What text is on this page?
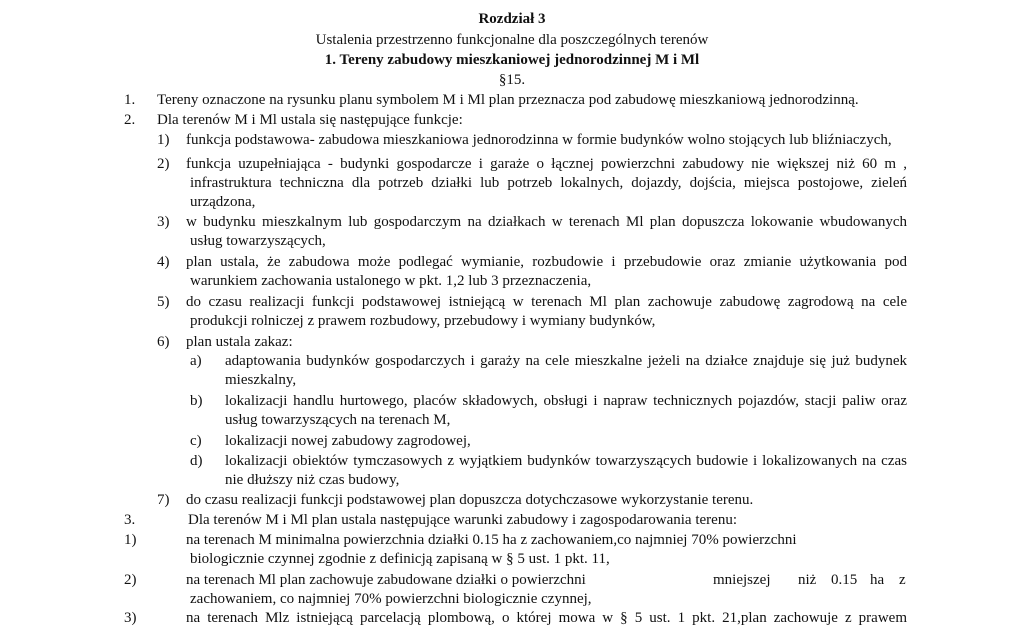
Rozdział 3
Ustalenia przestrzenno funkcjonalne dla poszczególnych terenów
1. Tereny zabudowy mieszkaniowej jednorodzinnej M i Ml
§15.
1. Tereny oznaczone na rysunku planu symbolem M i Ml plan przeznacza pod zabudowę mieszkaniową jednorodzinną.
2. Dla terenów M i Ml ustala się następujące funkcje:
1) funkcja podstawowa- zabudowa mieszkaniowa jednorodzinna w formie budynków wolno stojących lub bliźniaczych,
2) funkcja uzupełniająca - budynki gospodarcze i garaże o łącznej powierzchni zabudowy nie większej niż 60 m ,
infrastruktura techniczna dla potrzeb działki lub potrzeb lokalnych, dojazdy, dojścia, miejsca postojowe, zieleń
urządzona,
3) w budynku mieszkalnym lub gospodarczym na działkach w terenach Ml plan dopuszcza lokowanie wbudowanych
usług towarzyszących,
4) plan ustala, że zabudowa może podlegać wymianie, rozbudowie i przebudowie oraz zmianie użytkowania pod
warunkiem zachowania ustalonego w pkt. 1,2 lub 3 przeznaczenia,
5) do czasu realizacji funkcji podstawowej istniejącą w terenach Ml plan zachowuje zabudowę zagrodową na cele
produkcji rolniczej z prawem rozbudowy, przebudowy i wymiany budynków,
6) plan ustala zakaz:
a) adaptowania budynków gospodarczych i garaży na cele mieszkalne jeżeli na działce znajduje się już budynek
mieszkalny,
b) lokalizacji handlu hurtowego, placów składowych, obsługi i napraw technicznych pojazdów, stacji paliw oraz
usług towarzyszących na terenach M,
c) lokalizacji nowej zabudowy zagrodowej,
d) lokalizacji obiektów tymczasowych z wyjątkiem budynków towarzyszących budowie i lokalizowanych na czas
nie dłuższy niż czas budowy,
7) do czasu realizacji funkcji podstawowej plan dopuszcza dotychczasowe wykorzystanie terenu.
3.	Dla terenów M i Ml plan ustala następujące warunki zabudowy i zagospodarowania terenu:
1)	na terenach M minimalna powierzchnia działki 0.15 ha z zachowaniem,co najmniej 70% powierzchni
biologicznie czynnej zgodnie z definicją zapisaną w § 5 ust. 1 pkt. 11,
2)	na terenach Ml plan zachowuje zabudowane działki o powierzchni	mniejszej niż 0.15 ha z
zachowaniem, co najmniej 70% powierzchni biologicznie czynnej,
3)	na terenach Mlz istniejącą parcelacją plombową, o której mowa w § 5 ust. 1 pkt. 21,plan zachowuje z prawem
